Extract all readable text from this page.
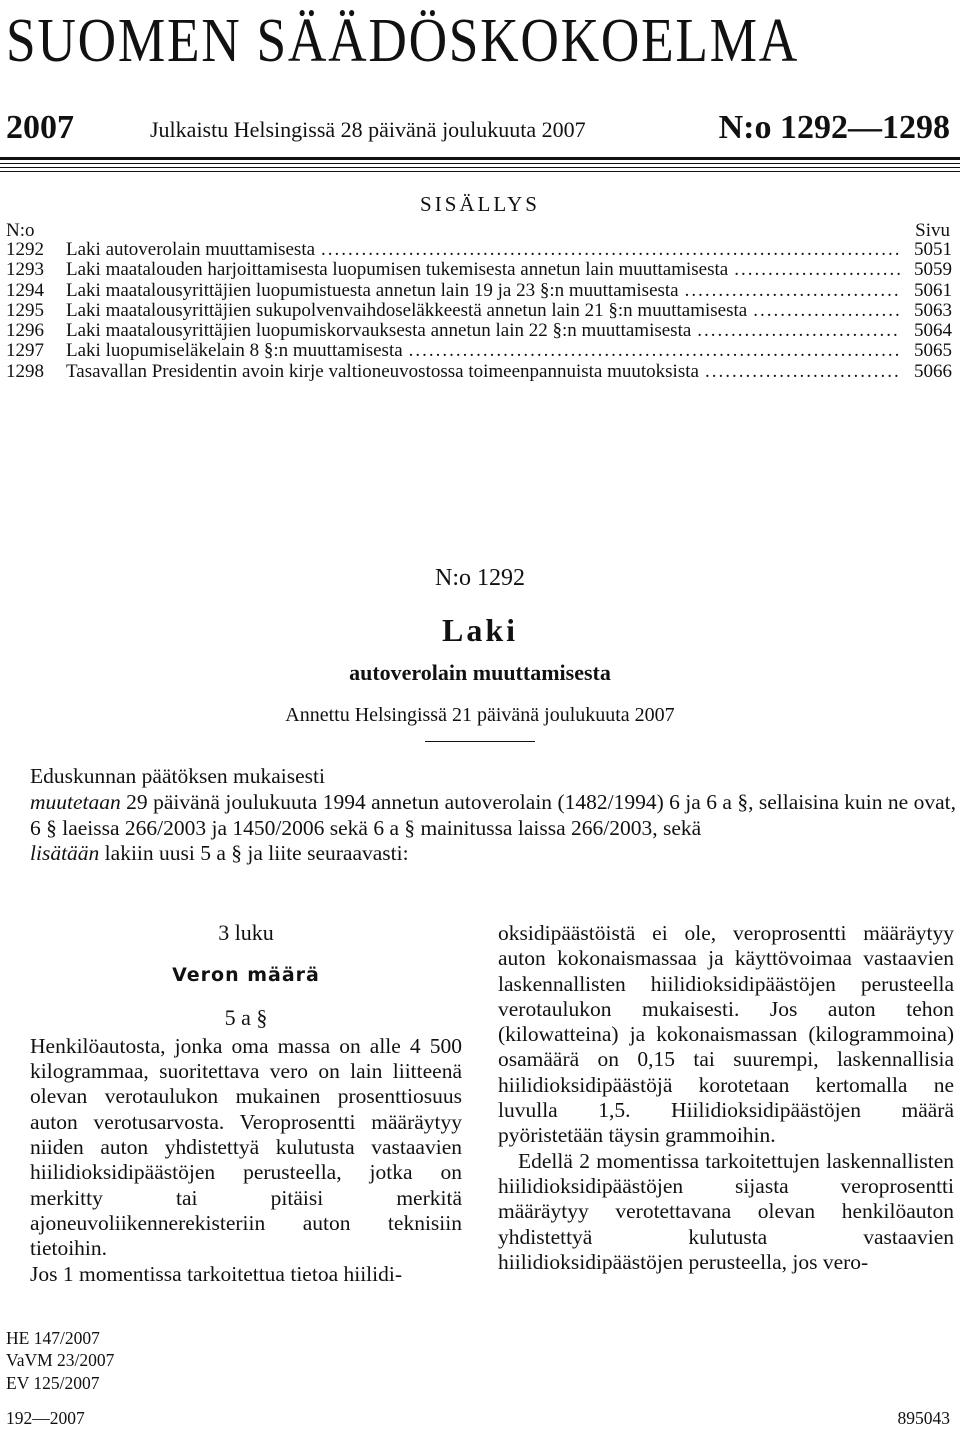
SUOMEN SÄÄDÖSKOKOELMA
2007	Julkaistu Helsingissä 28 päivänä joulukuuta 2007	N:o 1292—1298
SISÄLLYS
N:o	Sivu
1292	Laki autoverolain muuttamisesta .....	5051
1293	Laki maatalouden harjoittamisesta luopumisen tukemisesta annetun lain muuttamisesta .....	5059
1294	Laki maatalousyrittäjien luopumistuesta annetun lain 19 ja 23 §:n muuttamisesta .....	5061
1295	Laki maatalousyrittäjien sukupolvenvaihdoseläkkeestä annetun lain 21 §:n muuttamisesta .....	5063
1296	Laki maatalousyrittäjien luopumiskorvauksesta annetun lain 22 §:n muuttamisesta .....	5064
1297	Laki luopumiseläkelain 8 §:n muuttamisesta .....	5065
1298	Tasavallan Presidentin avoin kirje valtioneuvostossa toimeenpannuista muutoksista .....	5066
N:o 1292
Laki
autoverolain muuttamisesta
Annettu Helsingissä 21 päivänä joulukuuta 2007

Eduskunnan päätöksen mukaisesti

muutetaan 29 päivänä joulukuuta 1994 annetun autoverolain (1482/1994) 6 ja 6 a §, sellaisina kuin ne ovat, 6 § laeissa 266/2003 ja 1450/2006 sekä 6 a § mainitussa laissa 266/2003, sekä

lisätään lakiin uusi 5 a § ja liite seuraavasti:

3 luku

Veron määrä

5 a §

Henkilöautosta, jonka oma massa on alle 4 500 kilogrammaa, suoritettava vero on lain liitteenä olevan verotaulukon mukainen prosenttiosuus auton verotusarvosta. Veroprosentti määräytyy niiden auton yhdistettyä kulutusta vastaavien hiilidioksidipäästöjen perusteella, jotka on merkitty tai pitäisi merkitä ajoneuvoliikennerekisteriin auton teknisiin tietoihin.

Jos 1 momentissa tarkoitettua tietoa hiilidi-

oksidipäästöistä ei ole, veroprosentti määräytyy auton kokonaismassaa ja käyttövoimaa vastaavien laskennallisten hiilidioksidipäästöjen perusteella verotaulukon mukaisesti. Jos auton tehon (kilowatteina) ja kokonaismassan (kilogrammoina) osamäärä on 0,15 tai suurempi, laskennallisia hiilidioksidipäästöjä korotetaan kertomalla ne luvulla 1,5. Hiilidioksidipäästöjen määrä pyöristetään täysin grammoihin.

Edellä 2 momentissa tarkoitettujen laskennallisten hiilidioksidipäästöjen sijasta veroprosentti määräytyy verotettavana olevan henkilöauton yhdistettyä kulutusta vastaavien hiilidioksidipäästöjen perusteella, jos vero-

HE 147/2007
VaVM 23/2007
EV 125/2007
192—2007	895043
